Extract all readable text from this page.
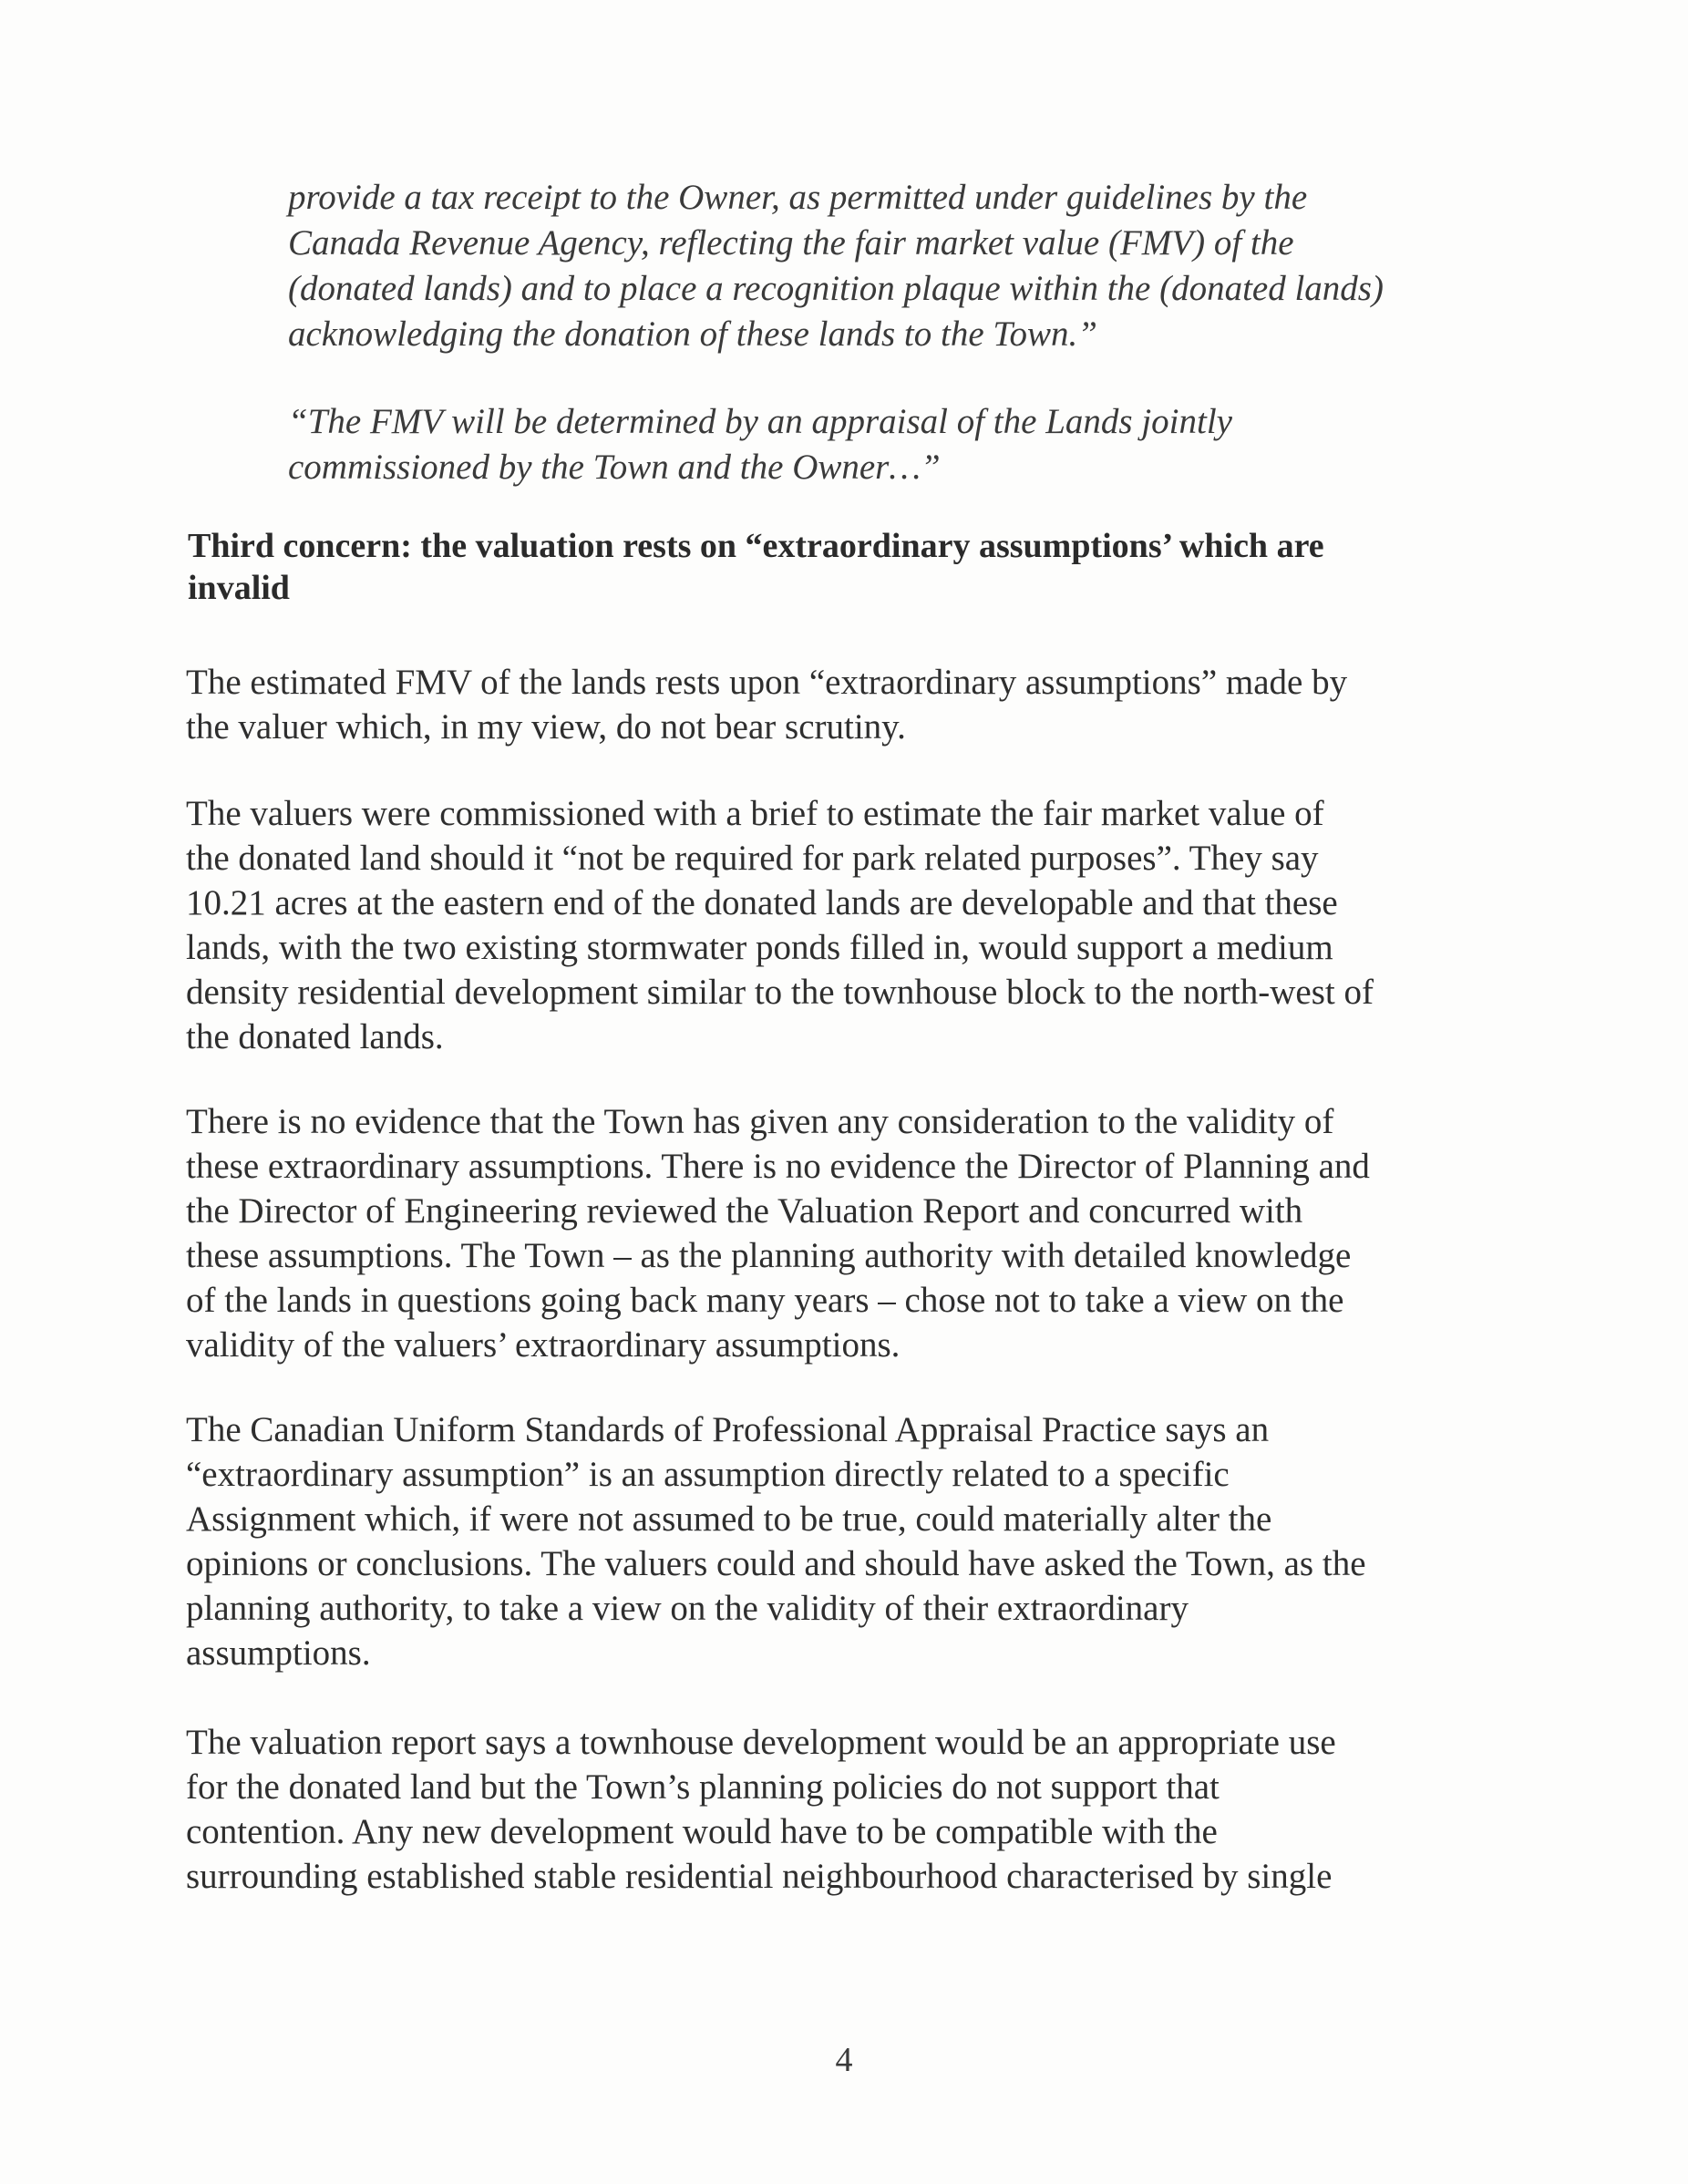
provide a tax receipt to the Owner, as permitted under guidelines by the
Canada Revenue Agency, reflecting the fair market value (FMV) of the
(donated lands) and to place a recognition plaque within the (donated lands)
acknowledging the donation of these lands to the Town.”
“The FMV will be determined by an appraisal of the Lands jointly
commissioned by the Town and the Owner…”
Third concern: the valuation rests on “extraordinary assumptions’ which are
invalid
The estimated FMV of the lands rests upon “extraordinary assumptions” made by
the valuer which, in my view, do not bear scrutiny.
The valuers were commissioned with a brief to estimate the fair market value of
the donated land should it “not be required for park related purposes”. They say
10.21 acres at the eastern end of the donated lands are developable and that these
lands, with the two existing stormwater ponds filled in, would support a medium
density residential development similar to the townhouse block to the north-west of
the donated lands.
There is no evidence that the Town has given any consideration to the validity of
these extraordinary assumptions. There is no evidence the Director of Planning and
the Director of Engineering reviewed the Valuation Report and concurred with
these assumptions. The Town – as the planning authority with detailed knowledge
of the lands in questions going back many years – chose not to take a view on the
validity of the valuers’ extraordinary assumptions.
The Canadian Uniform Standards of Professional Appraisal Practice says an
“extraordinary assumption” is an assumption directly related to a specific
Assignment which, if were not assumed to be true, could materially alter the
opinions or conclusions. The valuers could and should have asked the Town, as the
planning authority, to take a view on the validity of their extraordinary
assumptions.
The valuation report says a townhouse development would be an appropriate use
for the donated land but the Town’s planning policies do not support that
contention. Any new development would have to be compatible with the
surrounding established stable residential neighbourhood characterised by single
4
